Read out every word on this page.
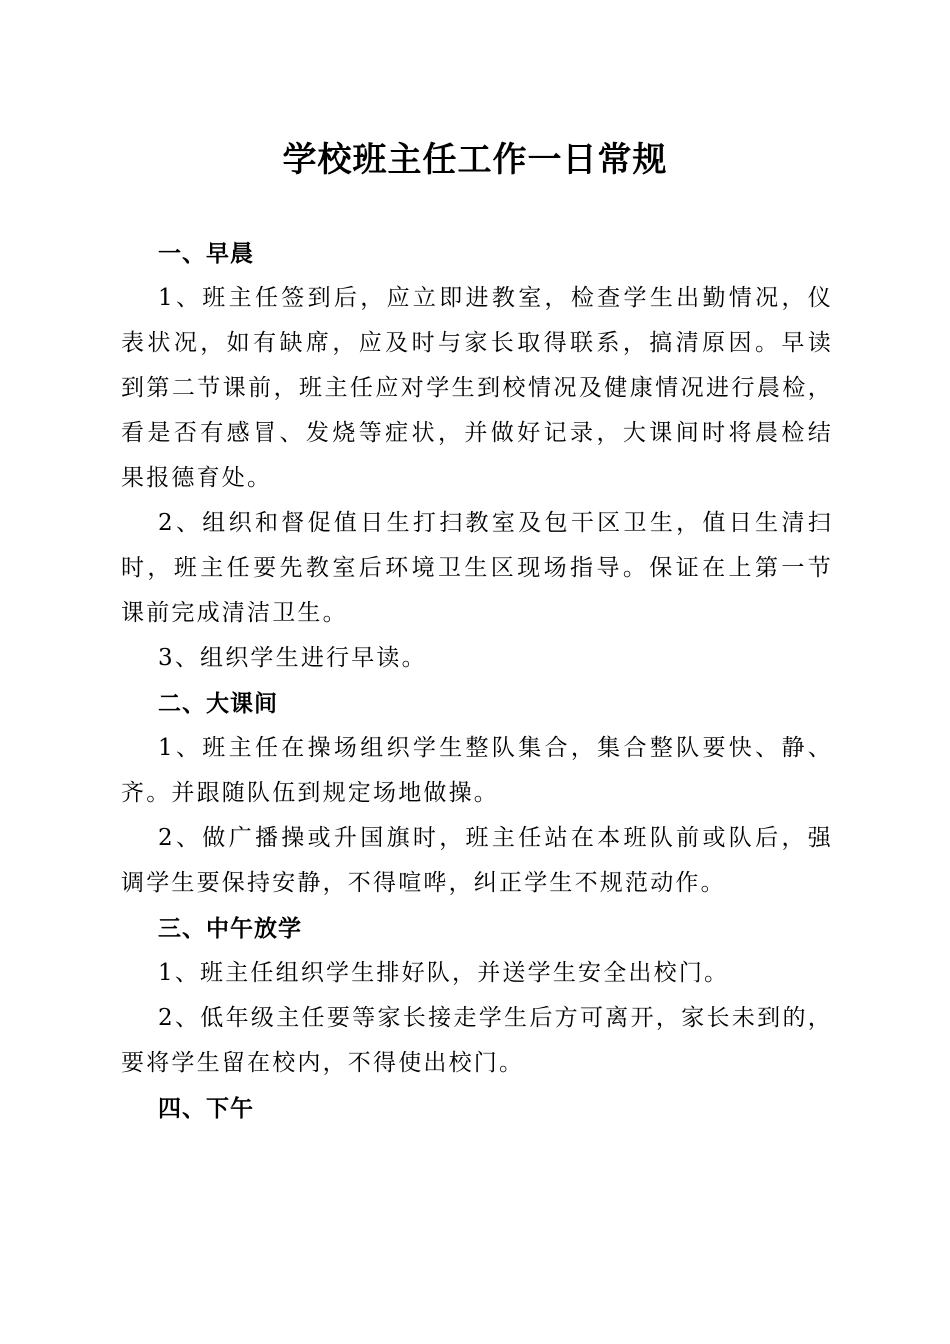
学校班主任工作一日常规
一、早晨
1、班主任签到后，应立即进教室，检查学生出勤情况，仪
表状况，如有缺席，应及时与家长取得联系，搞清原因。早读
到第二节课前，班主任应对学生到校情况及健康情况进行晨检，
看是否有感冒、发烧等症状，并做好记录，大课间时将晨检结
果报德育处。
2、组织和督促值日生打扫教室及包干区卫生，值日生清扫
时，班主任要先教室后环境卫生区现场指导。保证在上第一节
课前完成清洁卫生。
3、组织学生进行早读。
二、大课间
1、班主任在操场组织学生整队集合，集合整队要快、静、
齐。并跟随队伍到规定场地做操。
2、做广播操或升国旗时，班主任站在本班队前或队后，强
调学生要保持安静，不得喧哗，纠正学生不规范动作。
三、中午放学
1、班主任组织学生排好队，并送学生安全出校门。
2、低年级主任要等家长接走学生后方可离开，家长未到的，
要将学生留在校内，不得使出校门。
四、下午
